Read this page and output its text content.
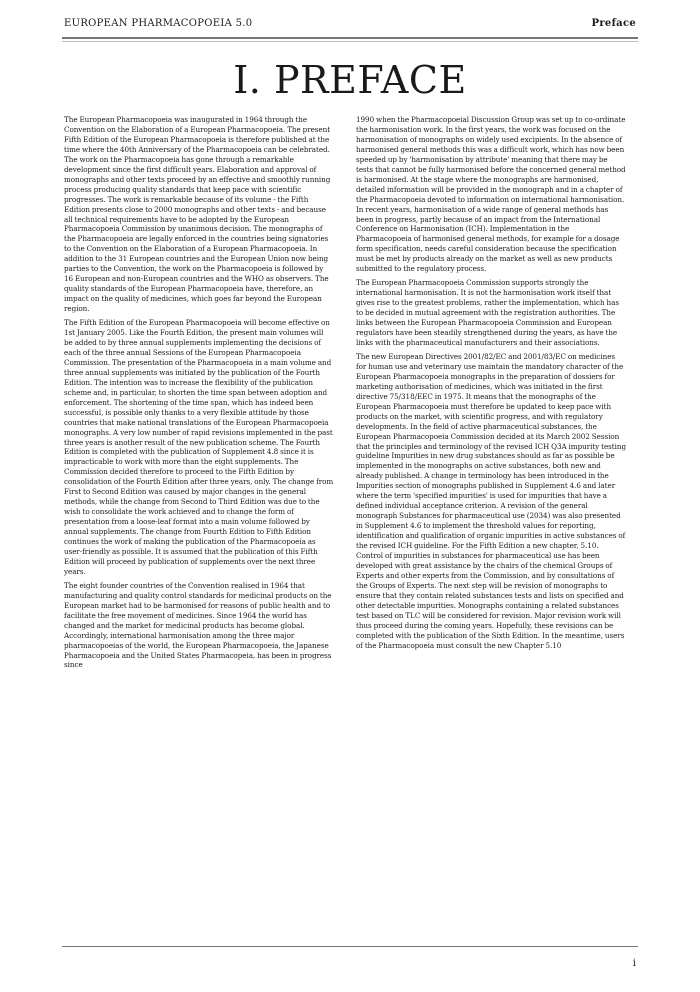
EUROPEAN PHARMACOPOEIA 5.0	Preface
I. PREFACE

The European Pharmacopoeia was inaugurated in 1964 through the Convention on the Elaboration of a European Pharmacopoeia. The present Fifth Edition of the European Pharmacopoeia is therefore published at the time where the 40th Anniversary of the Pharmacopoeia can be celebrated. The work on the Pharmacopoeia has gone through a remarkable development since the first difficult years. Elaboration and approval of monographs and other texts proceed by an effective and smoothly running process producing quality standards that keep pace with scientific progresses. The work is remarkable because of its volume - the Fifth Edition presents close to 2000 monographs and other texts - and because all technical requirements have to be adopted by the European Pharmacopoeia Commission by unanimous decision. The monographs of the Pharmacopoeia are legally enforced in the countries being signatories to the Convention on the Elaboration of a European Pharmacopoeia. In addition to the 31 European countries and the European Union now being parties to the Convention, the work on the Pharmacopoeia is followed by 16 European and non-European countries and the WHO as observers. The quality standards of the European Pharmacopoeia have, therefore, an impact on the quality of medicines, which goes far beyond the European region.

The Fifth Edition of the European Pharmacopoeia will become effective on 1st January 2005. Like the Fourth Edition, the present main volumes will be added to by three annual supplements implementing the decisions of each of the three annual Sessions of the European Pharmacopoeia Commission. The presentation of the Pharmacopoeia in a main volume and three annual supplements was initiated by the publication of the Fourth Edition. The intention was to increase the flexibility of the publication scheme and, in particular, to shorten the time span between adoption and enforcement. The shortening of the time span, which has indeed been successful, is possible only thanks to a very flexible attitude by those countries that make national translations of the European Pharmacopoeia monographs. A very low number of rapid revisions implemented in the past three years is another result of the new publication scheme. The Fourth Edition is completed with the publication of Supplement 4.8 since it is impracticable to work with more than the eight supplements. The Commission decided therefore to proceed to the Fifth Edition by consolidation of the Fourth Edition after three years, only. The change from First to Second Edition was caused by major changes in the general methods, while the change from Second to Third Edition was due to the wish to consolidate the work achieved and to change the form of presentation from a loose-leaf format into a main volume followed by annual supplements. The change from Fourth Edition to Fifth Edition continues the work of making the publication of the Pharmacopoeia as user-friendly as possible. It is assumed that the publication of this Fifth Edition will proceed by publication of supplements over the next three years.

The eight founder countries of the Convention realised in 1964 that manufacturing and quality control standards for medicinal products on the European market had to be harmonised for reasons of public health and to facilitate the free movement of medicines. Since 1964 the world has changed and the market for medicinal products has become global. Accordingly, international harmonisation among the three major pharmacopoeias of the world, the European Pharmacopoeia, the Japanese Pharmacopoeia and the United States Pharmacopeia, has been in progress since

1990 when the Pharmacopoeial Discussion Group was set up to co-ordinate the harmonisation work. In the first years, the work was focused on the harmonisation of monographs on widely used excipients. In the absence of harmonised general methods this was a difficult work, which has now been speeded up by 'harmonisation by attribute' meaning that there may be tests that cannot be fully harmonised before the concerned general method is harmonised. At the stage where the monographs are harmonised, detailed information will be provided in the monograph and in a chapter of the Pharmacopoeia devoted to information on international harmonisation. In recent years, harmonisation of a wide range of general methods has been in progress, partly because of an impact from the International Conference on Harmonisation (ICH). Implementation in the Pharmacopoeia of harmonised general methods, for example for a dosage form specification, needs careful consideration because the specification must be met by products already on the market as well as new products submitted to the regulatory process.

The European Pharmacopoeia Commission supports strongly the international harmonisation. It is not the harmonisation work itself that gives rise to the greatest problems, rather the implementation, which has to be decided in mutual agreement with the registration authorities. The links between the European Pharmacopoeia Commission and European regulators have been steadily strengthened during the years, as have the links with the pharmaceutical manufacturers and their associations.

The new European Directives 2001/82/EC and 2001/83/EC on medicines for human use and veterinary use maintain the mandatory character of the European Pharmacopoeia monographs in the preparation of dossiers for marketing authorisation of medicines, which was initiated in the first directive 75/318/EEC in 1975. It means that the monographs of the European Pharmacopoeia must therefore be updated to keep pace with products on the market, with scientific progress, and with regulatory developments. In the field of active pharmaceutical substances, the European Pharmacopoeia Commission decided at its March 2002 Session that the principles and terminology of the revised ICH Q3A impurity testing guideline Impurities in new drug substances should as far as possible be implemented in the monographs on active substances, both new and already published. A change in terminology has been introduced in the Impurities section of monographs published in Supplement 4.6 and later where the term 'specified impurities' is used for impurities that have a defined individual acceptance criterion. A revision of the general monograph Substances for pharmaceutical use (2034) was also presented in Supplement 4.6 to implement the threshold values for reporting, identification and qualification of organic impurities in active substances of the revised ICH guideline. For the Fifth Edition a new chapter, 5.10. Control of impurities in substances for pharmaceutical use has been developed with great assistance by the chairs of the chemical Groups of Experts and other experts from the Commission, and by consultations of the Groups of Experts. The next step will be revision of monographs to ensure that they contain related substances tests and lists on specified and other detectable impurities. Monographs containing a related substances test based on TLC will be considered for revision. Major revision work will thus proceed during the coming years. Hopefully, these revisions can be completed with the publication of the Sixth Edition. In the meantime, users of the Pharmacopoeia must consult the new Chapter 5.10

i
